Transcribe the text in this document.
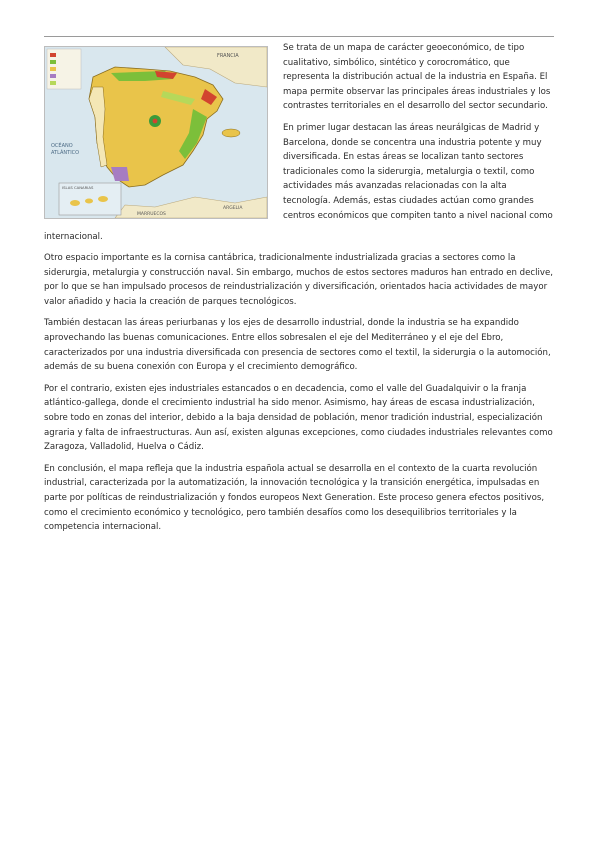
FRANCIA
OCÉANO
ATLÁNTICO
MARRUECOS
ARGELIA
ISLAS CANARIAS

Se trata de un mapa de carácter geoeconómico, de tipo cualitativo, simbólico, sintético y corocromático, que representa la distribución actual de la industria en España. El mapa permite observar las principales áreas industriales y los contrastes territoriales en el desarrollo del sector secundario.

En primer lugar destacan las áreas neurálgicas de Madrid y Barcelona, donde se concentra una industria potente y muy diversificada. En estas áreas se localizan tanto sectores tradicionales como la siderurgia, metalurgia o textil, como actividades más avanzadas relacionadas con la alta tecnología. Además, estas ciudades actúan como grandes centros económicos que compiten tanto a nivel nacional como

internacional.

Otro espacio importante es la cornisa cantábrica, tradicionalmente industrializada gracias a sectores como la siderurgia, metalurgia y construcción naval. Sin embargo, muchos de estos sectores maduros han entrado en declive, por lo que se han impulsado procesos de reindustrialización y diversificación, orientados hacia actividades de mayor valor añadido y hacia la creación de parques tecnológicos.

También destacan las áreas periurbanas y los ejes de desarrollo industrial, donde la industria se ha expandido aprovechando las buenas comunicaciones. Entre ellos sobresalen el eje del Mediterráneo y el eje del Ebro, caracterizados por una industria diversificada con presencia de sectores como el textil, la siderurgia o la automoción, además de su buena conexión con Europa y el crecimiento demográfico.

Por el contrario, existen ejes industriales estancados o en decadencia, como el valle del Guadalquivir o la franja atlántico-gallega, donde el crecimiento industrial ha sido menor. Asimismo, hay áreas de escasa industrialización, sobre todo en zonas del interior, debido a la baja densidad de población, menor tradición industrial, especialización agraria y falta de infraestructuras. Aun así, existen algunas excepciones, como ciudades industriales relevantes como Zaragoza, Valladolid, Huelva o Cádiz.

En conclusión, el mapa refleja que la industria española actual se desarrolla en el contexto de la cuarta revolución industrial, caracterizada por la automatización, la innovación tecnológica y la transición energética, impulsadas en parte por políticas de reindustrialización y fondos europeos Next Generation. Este proceso genera efectos positivos, como el crecimiento económico y tecnológico, pero también desafíos como los desequilibrios territoriales y la competencia internacional.
